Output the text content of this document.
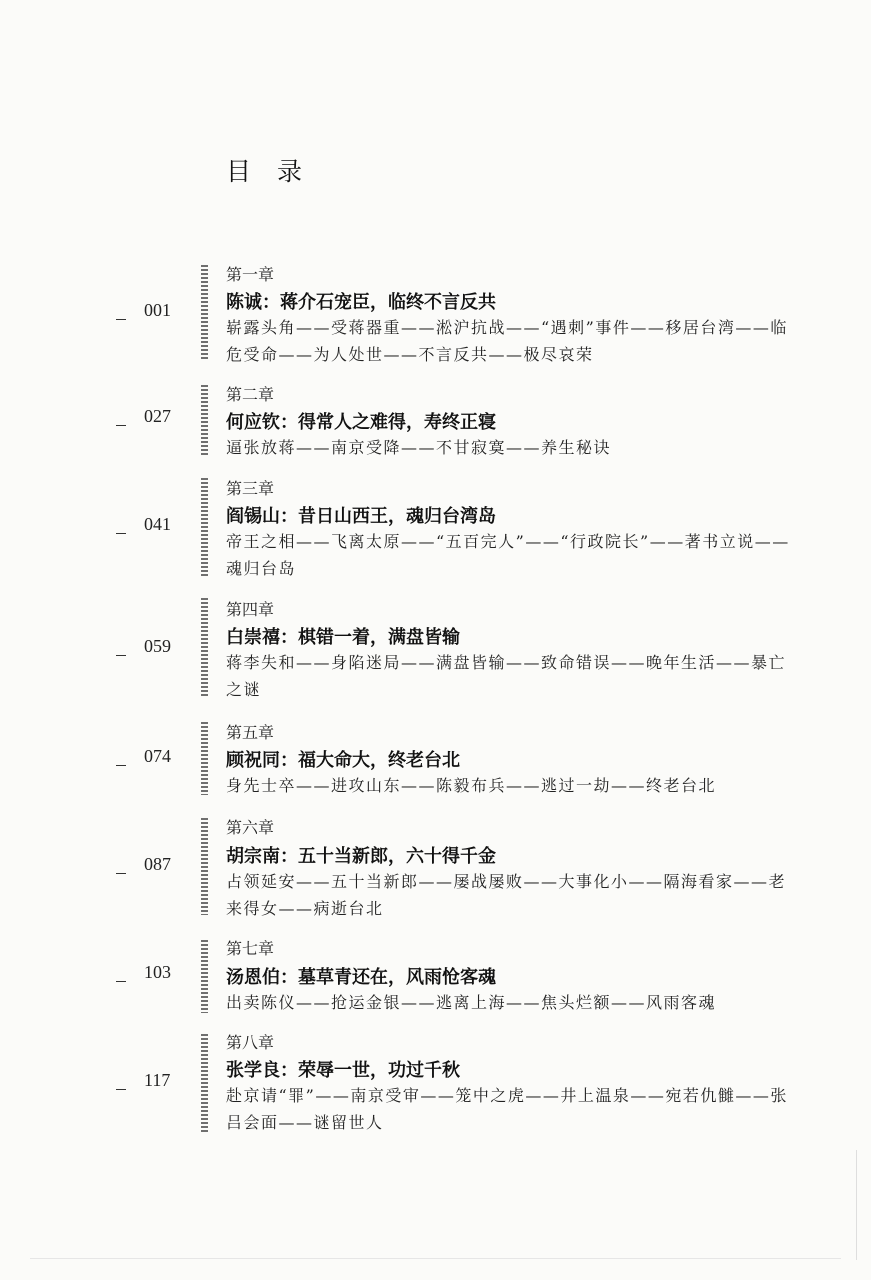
目 录
001
第一章
陈诚：蒋介石宠臣，临终不言反共
崭露头角——受蒋器重——淞沪抗战——“遇刺”事件——移居台湾——临危受命——为人处世——不言反共——极尽哀荣
027
第二章
何应钦：得常人之难得，寿终正寝
逼张放蒋——南京受降——不甘寂寞——养生秘诀
041
第三章
阎锡山：昔日山西王，魂归台湾岛
帝王之相——飞离太原——“五百完人”——“行政院长”——著书立说——魂归台岛
059
第四章
白崇禧：棋错一着，满盘皆输
蒋李失和——身陷迷局——满盘皆输——致命错误——晚年生活——暴亡之谜
074
第五章
顾祝同：福大命大，终老台北
身先士卒——进攻山东——陈毅布兵——逃过一劫——终老台北
087
第六章
胡宗南：五十当新郎，六十得千金
占领延安——五十当新郎——屡战屡败——大事化小——隔海看家——老来得女——病逝台北
103
第七章
汤恩伯：墓草青还在，风雨怆客魂
出卖陈仪——抢运金银——逃离上海——焦头烂额——风雨客魂
117
第八章
张学良：荣辱一世，功过千秋
赴京请“罪”——南京受审——笼中之虎——井上温泉——宛若仇雠——张吕会面——谜留世人
